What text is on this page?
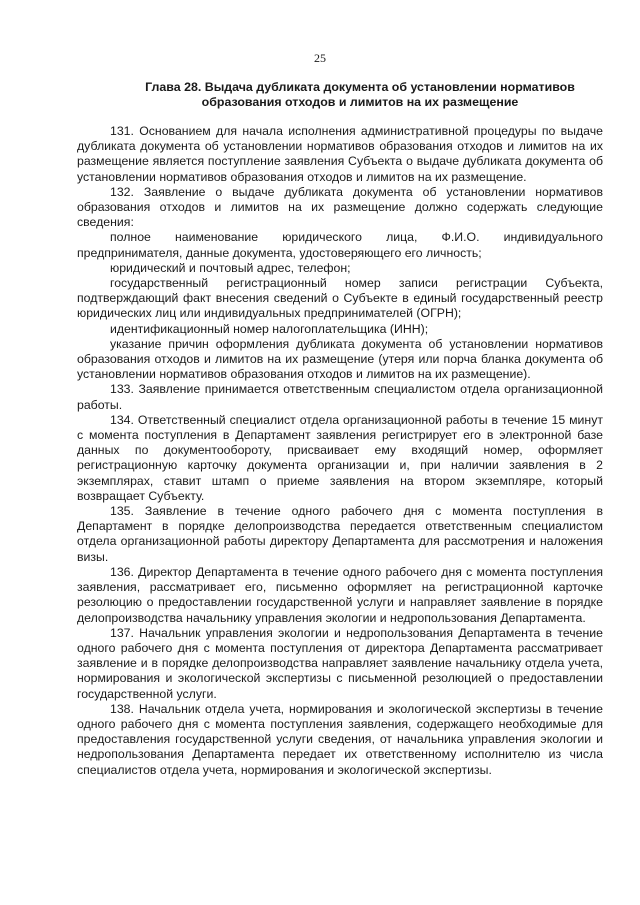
25
Глава 28. Выдача дубликата документа об установлении нормативов
образования отходов и лимитов на их размещение

131. Основанием для начала исполнения административной процедуры по выдаче дубликата документа об установлении нормативов образования отходов и лимитов на их размещение является поступление заявления Субъекта о выдаче дубликата документа об установлении нормативов образования отходов и лимитов на их размещение.

132. Заявление о выдаче дубликата документа об установлении нормативов образования отходов и лимитов на их размещение должно содержать следующие сведения:

полное наименование юридического лица, Ф.И.О. индивидуального предпринимателя, данные документа, удостоверяющего его личность;

юридический и почтовый адрес, телефон;

государственный регистрационный номер записи регистрации Субъекта, подтверждающий факт внесения сведений о Субъекте в единый государственный реестр юридических лиц или индивидуальных предпринимателей (ОГРН);

идентификационный номер налогоплательщика (ИНН);

указание причин оформления дубликата документа об установлении нормативов образования отходов и лимитов на их размещение (утеря или порча бланка документа об установлении нормативов образования отходов и лимитов на их размещение).

133. Заявление принимается ответственным специалистом отдела организационной работы.

134. Ответственный специалист отдела организационной работы в течение 15 минут с момента поступления в Департамент заявления регистрирует его в электронной базе данных по документообороту, присваивает ему входящий номер, оформляет регистрационную карточку документа организации и, при наличии заявления в 2 экземплярах, ставит штамп о приеме заявления на втором экземпляре, который возвращает Субъекту.

135. Заявление в течение одного рабочего дня с момента поступления в Департамент в порядке делопроизводства передается ответственным специалистом отдела организационной работы директору Департамента для рассмотрения и наложения визы.

136. Директор Департамента в течение одного рабочего дня с момента поступления заявления, рассматривает его, письменно оформляет на регистрационной карточке резолюцию о предоставлении государственной услуги и направляет заявление в порядке делопроизводства начальнику управления экологии и недропользования Департамента.

137. Начальник управления экологии и недропользования Департамента в течение одного рабочего дня с момента поступления от директора Департамента рассматривает заявление и в порядке делопроизводства направляет заявление начальнику отдела учета, нормирования и экологической экспертизы с письменной резолюцией о предоставлении государственной услуги.

138. Начальник отдела учета, нормирования и экологической экспертизы в течение одного рабочего дня с момента поступления заявления, содержащего необходимые для предоставления государственной услуги сведения, от начальника управления экологии и недропользования Департамента передает их ответственному исполнителю из числа специалистов отдела учета, нормирования и экологической экспертизы.
